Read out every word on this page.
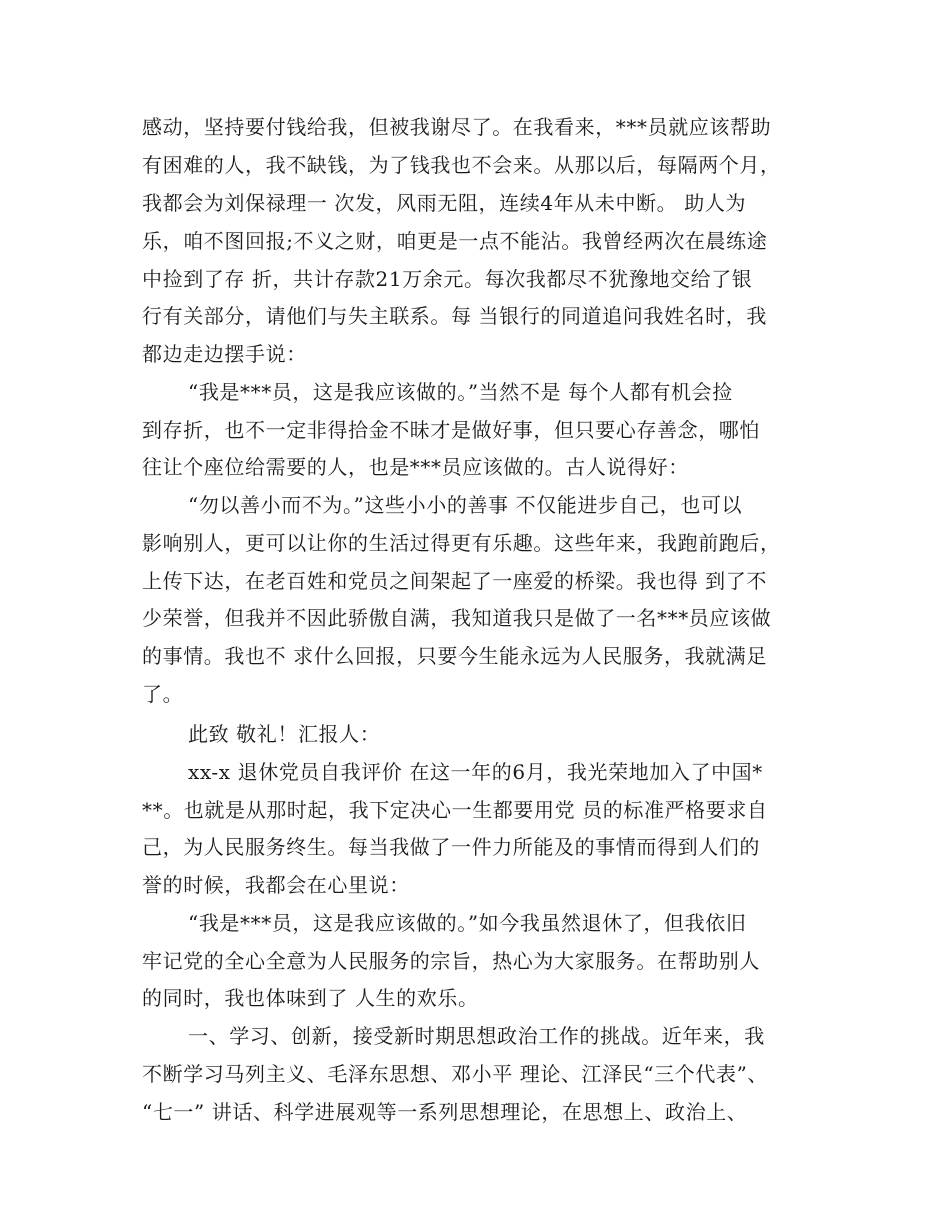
感动，坚持要付钱给我，但被我谢尽了。在我看来，***员就应该帮助
有困难的人，我不缺钱，为了钱我也不会来。从那以后，每隔两个月，
我都会为刘保禄理一 次发，风雨无阻，连续4年从未中断。 助人为
乐，咱不图回报;不义之财，咱更是一点不能沾。我曾经两次在晨练途
中捡到了存 折，共计存款21万余元。每次我都尽不犹豫地交给了银
行有关部分，请他们与失主联系。每 当银行的同道追问我姓名时，我
都边走边摆手说：
“我是***员，这是我应该做的。”当然不是 每个人都有机会捡
到存折，也不一定非得拾金不昧才是做好事，但只要心存善念，哪怕
往让个座位给需要的人，也是***员应该做的。古人说得好：
“勿以善小而不为。”这些小小的善事 不仅能进步自己，也可以
影响别人，更可以让你的生活过得更有乐趣。这些年来，我跑前跑后，
上传下达，在老百姓和党员之间架起了一座爱的桥梁。我也得 到了不
少荣誉，但我并不因此骄傲自满，我知道我只是做了一名***员应该做
的事情。我也不 求什么回报，只要今生能永远为人民服务，我就满足
了。
此致 敬礼！汇报人：
xx-x 退休党员自我评价 在这一年的6月，我光荣地加入了中国*
**。也就是从那时起，我下定决心一生都要用党 员的标准严格要求自
己，为人民服务终生。每当我做了一件力所能及的事情而得到人们的
誉的时候，我都会在心里说：
“我是***员，这是我应该做的。”如今我虽然退休了，但我依旧
牢记党的全心全意为人民服务的宗旨，热心为大家服务。在帮助别人
的同时，我也体味到了 人生的欢乐。
一、学习、创新，接受新时期思想政治工作的挑战。近年来，我
不断学习马列主义、毛泽东思想、邓小平 理论、江泽民“三个代表”、
“七一” 讲话、科学进展观等一系列思想理论，在思想上、政治上、
